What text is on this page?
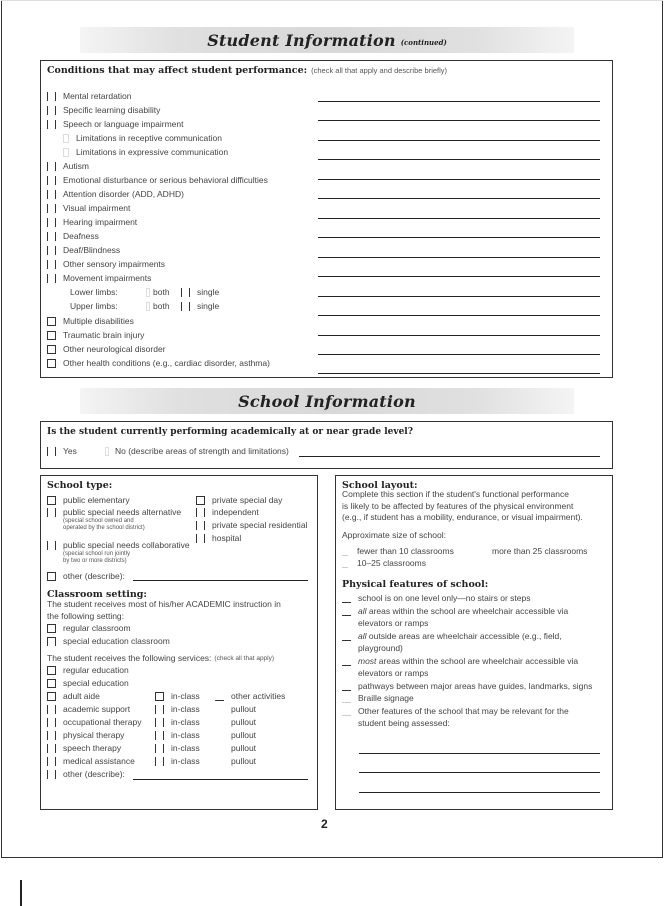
Student Information (continued)
Conditions that may affect student performance: (check all that apply and describe briefly)
Mental retardation
Specific learning disability
Speech or language impairment
Limitations in receptive communication
Limitations in expressive communication
Autism
Emotional disturbance or serious behavioral difficulties
Attention disorder (ADD, ADHD)
Visual impairment
Hearing impairment
Deafness
Deaf/Blindness
Other sensory impairments
Movement impairments
Lower limbs:	both	single
Upper limbs:	both	single
Multiple disabilities
Traumatic brain injury
Other neurological disorder
Other health conditions (e.g., cardiac disorder, asthma)
School Information
Is the student currently performing academically at or near grade level?
Yes	No (describe areas of strength and limitations)
School type:
public elementary
public special needs alternative
(special school owned and
operated by the school district)
public special needs collaborative
(special school run jointly
by two or more districts)
private special day
independent
private special residential
hospital
other (describe):
Classroom setting:
The student receives most of his/her ACADEMIC instruction in
the following setting:
regular classroom
special education classroom
The student receives the following services: (check all that apply)
regular education
special education
adult aide	in-class	other activities
academic support	in-class	pullout
occupational therapy	in-class	pullout
physical therapy	in-class	pullout
speech therapy	in-class	pullout
medical assistance	in-class	pullout
other (describe):
School layout:
Complete this section if the student's functional performance
is likely to be affected by features of the physical environment
(e.g., if student has a mobility, endurance, or visual impairment).
Approximate size of school:
fewer than 10 classrooms	more than 25 classrooms
10–25 classrooms
Physical features of school:
school is on one level only—no stairs or steps
all areas within the school are wheelchair accessible via
elevators or ramps
all outside areas are wheelchair accessible (e.g., field,
playground)
most areas within the school are wheelchair accessible via
elevators or ramps
pathways between major areas have guides, landmarks, signs
Braille signage
Other features of the school that may be relevant for the
student being assessed:
2
